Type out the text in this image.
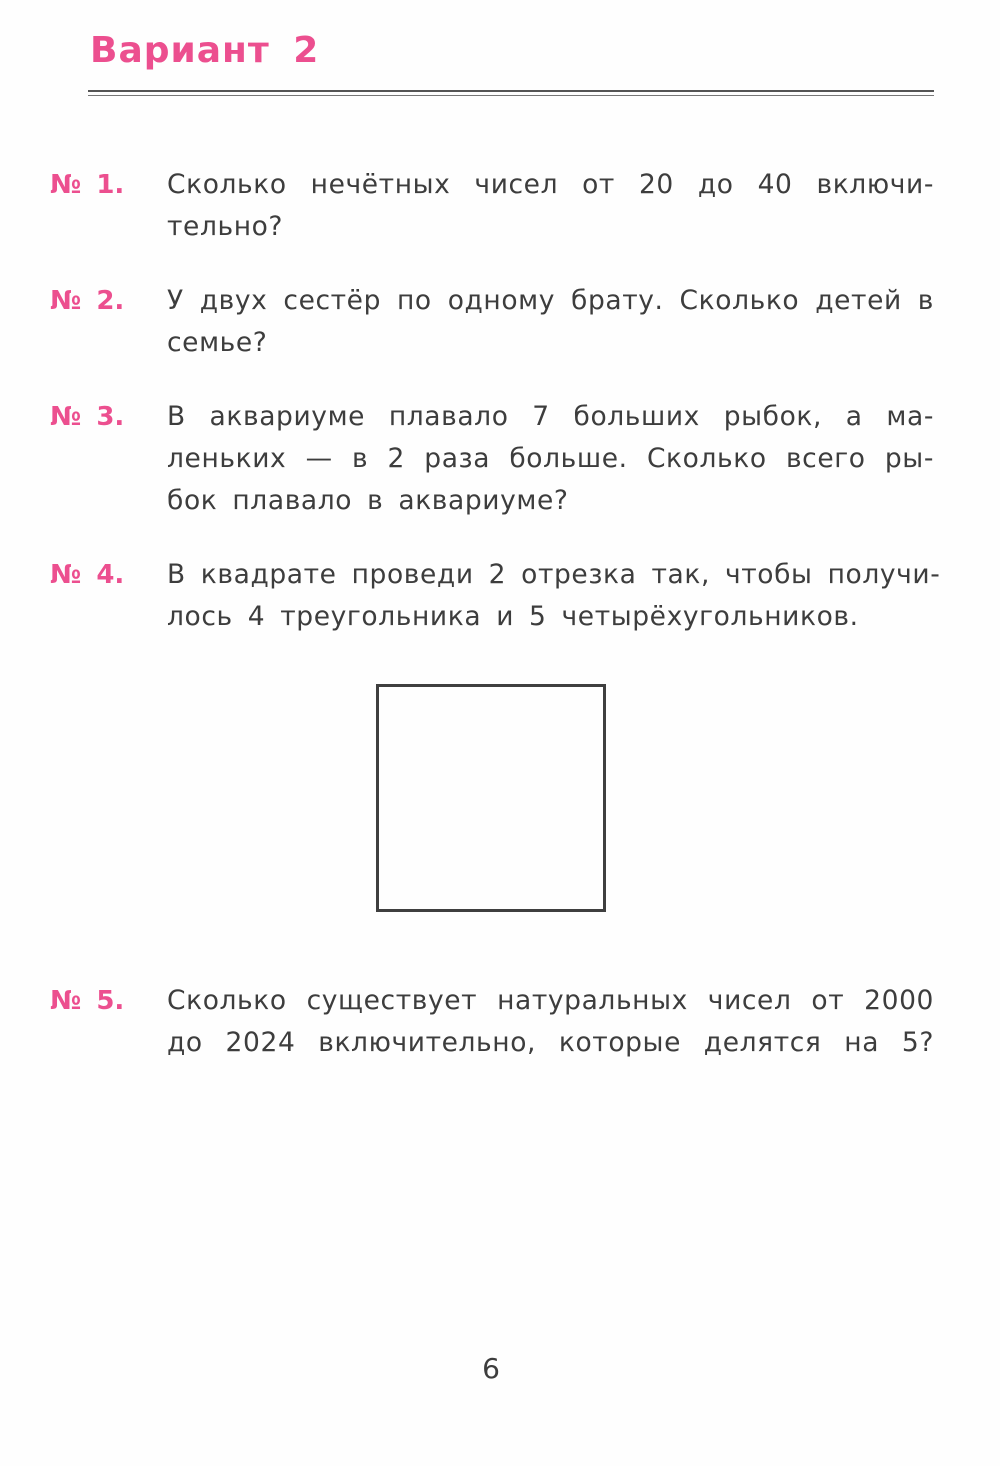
Вариант 2
№ 1. Сколько нечётных чисел от 20 до 40 включи-
тельно?
№ 2. У двух сестёр по одному брату. Сколько детей в
семье?
№ 3. В аквариуме плавало 7 больших рыбок, а ма-
леньких — в 2 раза больше. Сколько всего ры-
бок плавало в аквариуме?
№ 4. В квадрате проведи 2 отрезка так, чтобы получи-
лось 4 треугольника и 5 четырёхугольников.
№ 5. Сколько существует натуральных чисел от 2000
до 2024 включительно, которые делятся на 5?
6
